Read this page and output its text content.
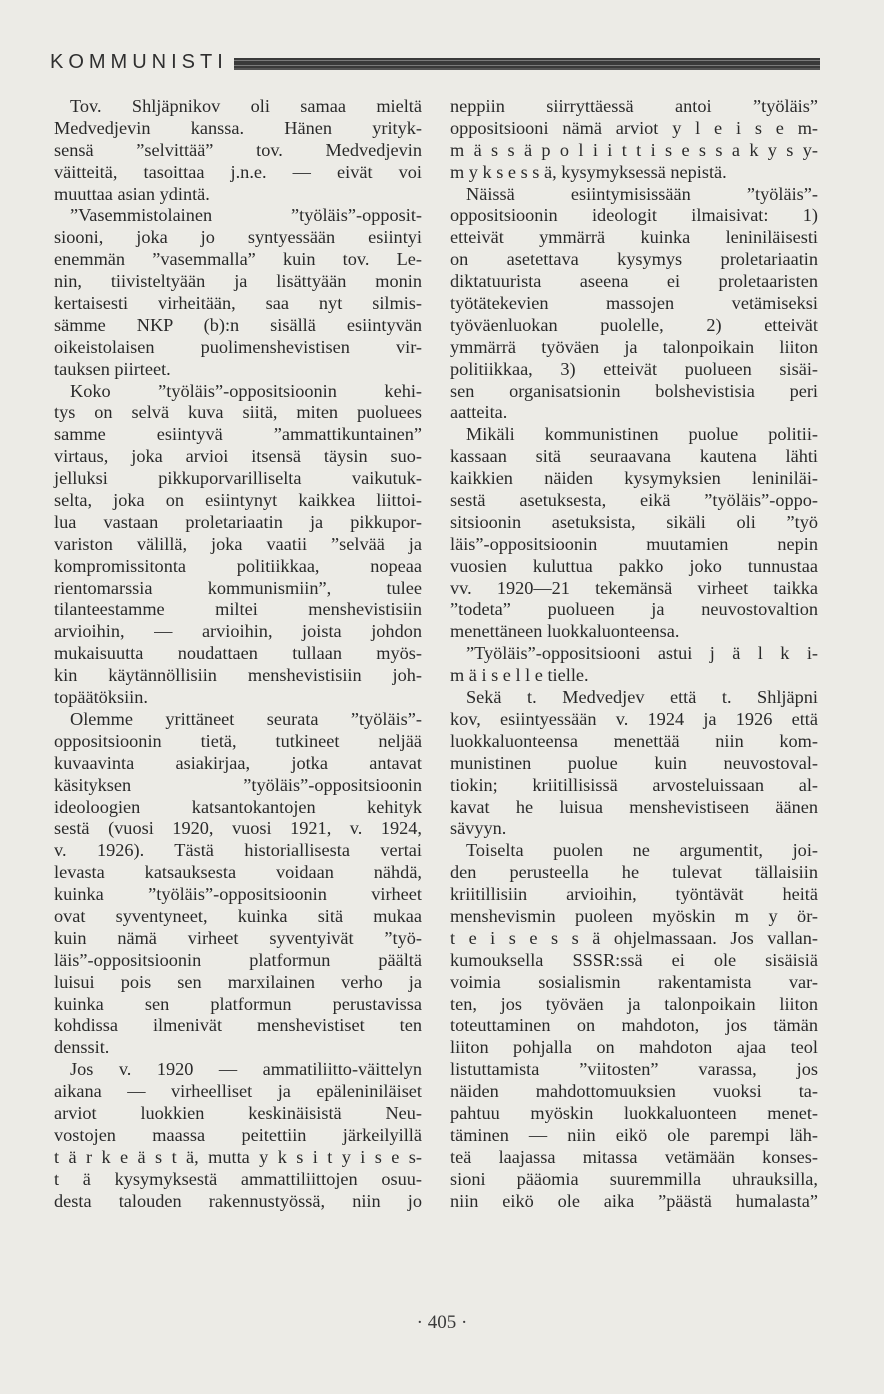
KOMMUNISTI
Tov. Shljäpnikov oli samaa mieltä
Medvedjevin kanssa. Hänen yrityk-
sensä ”selvittää” tov. Medvedjevin
väitteitä, tasoittaa j.n.e. — eivät voi
muuttaa asian ydintä.
”Vasemmistolainen ”työläis”-opposit-
siooni, joka jo syntyessään esiintyi
enemmän ”vasemmalla” kuin tov. Le-
nin, tiivisteltyään ja lisättyään monin
kertaisesti virheitään, saa nyt silmis-
sämme NKP (b):n sisällä esiintyvän
oikeistolaisen puolimenshevistisen vir-
tauksen piirteet.
Koko ”työläis”-oppositsioonin kehi-
tys on selvä kuva siitä, miten puoluees
samme esiintyvä ”ammattikuntainen”
virtaus, joka arvioi itsensä täysin suo-
jelluksi pikkuporvarilliselta vaikutuk-
selta, joka on esiintynyt kaikkea liittoi-
lua vastaan proletariaatin ja pikkupor-
variston välillä, joka vaatii ”selvää ja
kompromissitonta politiikkaa, nopeaa
rientomarssia kommunismiin”, tulee
tilanteestamme miltei menshevistisiin
arvioihin, — arvioihin, joista johdon
mukaisuutta noudattaen tullaan myös-
kin käytännöllisiin menshevistisiin joh-
topäätöksiin.
Olemme yrittäneet seurata ”työläis”-
oppositsioonin tietä, tutkineet neljää
kuvaavinta asiakirjaa, jotka antavat
käsityksen ”työläis”-oppositsioonin
ideoloogien katsantokantojen kehityk
sestä (vuosi 1920, vuosi 1921, v. 1924,
v. 1926). Tästä historiallisesta vertai
levasta katsauksesta voidaan nähdä,
kuinka ”työläis”-oppositsioonin virheet
ovat syventyneet, kuinka sitä mukaa
kuin nämä virheet syventyivät ”työ-
läis”-oppositsioonin platformun päältä
luisui pois sen marxilainen verho ja
kuinka sen platformun perustavissa
kohdissa ilmenivät menshevistiset ten
denssit.
Jos v. 1920 — ammatiliitto-väittelyn
aikana — virheelliset ja epäleniniläiset
arviot luokkien keskinäisistä Neu-
vostojen maassa peitettiin järkeilyillä
t ä r k e ä s t ä, mutta y k s i t y i s e s-
t ä kysymyksestä ammattiliittojen osuu-
desta talouden rakennustyössä, niin jo
neppiin siirryttäessä antoi ”työläis”
oppositsiooni nämä arviot y l e i s e m-
m ä s s ä p o l i i t t i s e s s a k y s y-
m y k s e s s ä, kysymyksessä nepistä.
Näissä esiintymisissään ”työläis”-
oppositsioonin ideologit ilmaisivat: 1)
etteivät ymmärrä kuinka leniniläisesti
on asetettava kysymys proletariaatin
diktatuurista aseena ei proletaaristen
työtätekevien massojen vetämiseksi
työväenluokan puolelle, 2) etteivät
ymmärrä työväen ja talonpoikain liiton
politiikkaa, 3) etteivät puolueen sisäi-
sen organisatsionin bolshevistisia peri
aatteita.
Mikäli kommunistinen puolue politii-
kassaan sitä seuraavana kautena lähti
kaikkien näiden kysymyksien leniniläi-
sestä asetuksesta, eikä ”työläis”-oppo-
sitsioonin asetuksista, sikäli oli ”työ
läis”-oppositsioonin muutamien nepin
vuosien kuluttua pakko joko tunnustaa
vv. 1920—21 tekemänsä virheet taikka
”todeta” puolueen ja neuvostovaltion
menettäneen luokkaluonteensa.
”Työläis”-oppositsiooni astui j ä l k i-
m ä i s e l l e tielle.
Sekä t. Medvedjev että t. Shljäpni
kov, esiintyessään v. 1924 ja 1926 että
luokkaluonteensa menettää niin kom-
munistinen puolue kuin neuvostoval-
tiokin; kriitillisissä arvosteluissaan al-
kavat he luisua menshevistiseen äänen
sävyyn.
Toiselta puolen ne argumentit, joi-
den perusteella he tulevat tällaisiin
kriitillisiin arvioihin, työntävät heitä
menshevismin puoleen myöskin m y ör-
t e i s e s s ä ohjelmassaan. Jos vallan-
kumouksella SSSR:ssä ei ole sisäisiä
voimia sosialismin rakentamista var-
ten, jos työväen ja talonpoikain liiton
toteuttaminen on mahdoton, jos tämän
liiton pohjalla on mahdoton ajaa teol
listuttamista ”viitosten” varassa, jos
näiden mahdottomuuksien vuoksi ta-
pahtuu myöskin luokkaluonteen menet-
täminen — niin eikö ole parempi läh-
teä laajassa mitassa vetämään konses-
sioni pääomia suuremmilla uhrauksilla,
niin eikö ole aika ”päästä humalasta”
· 405 ·
